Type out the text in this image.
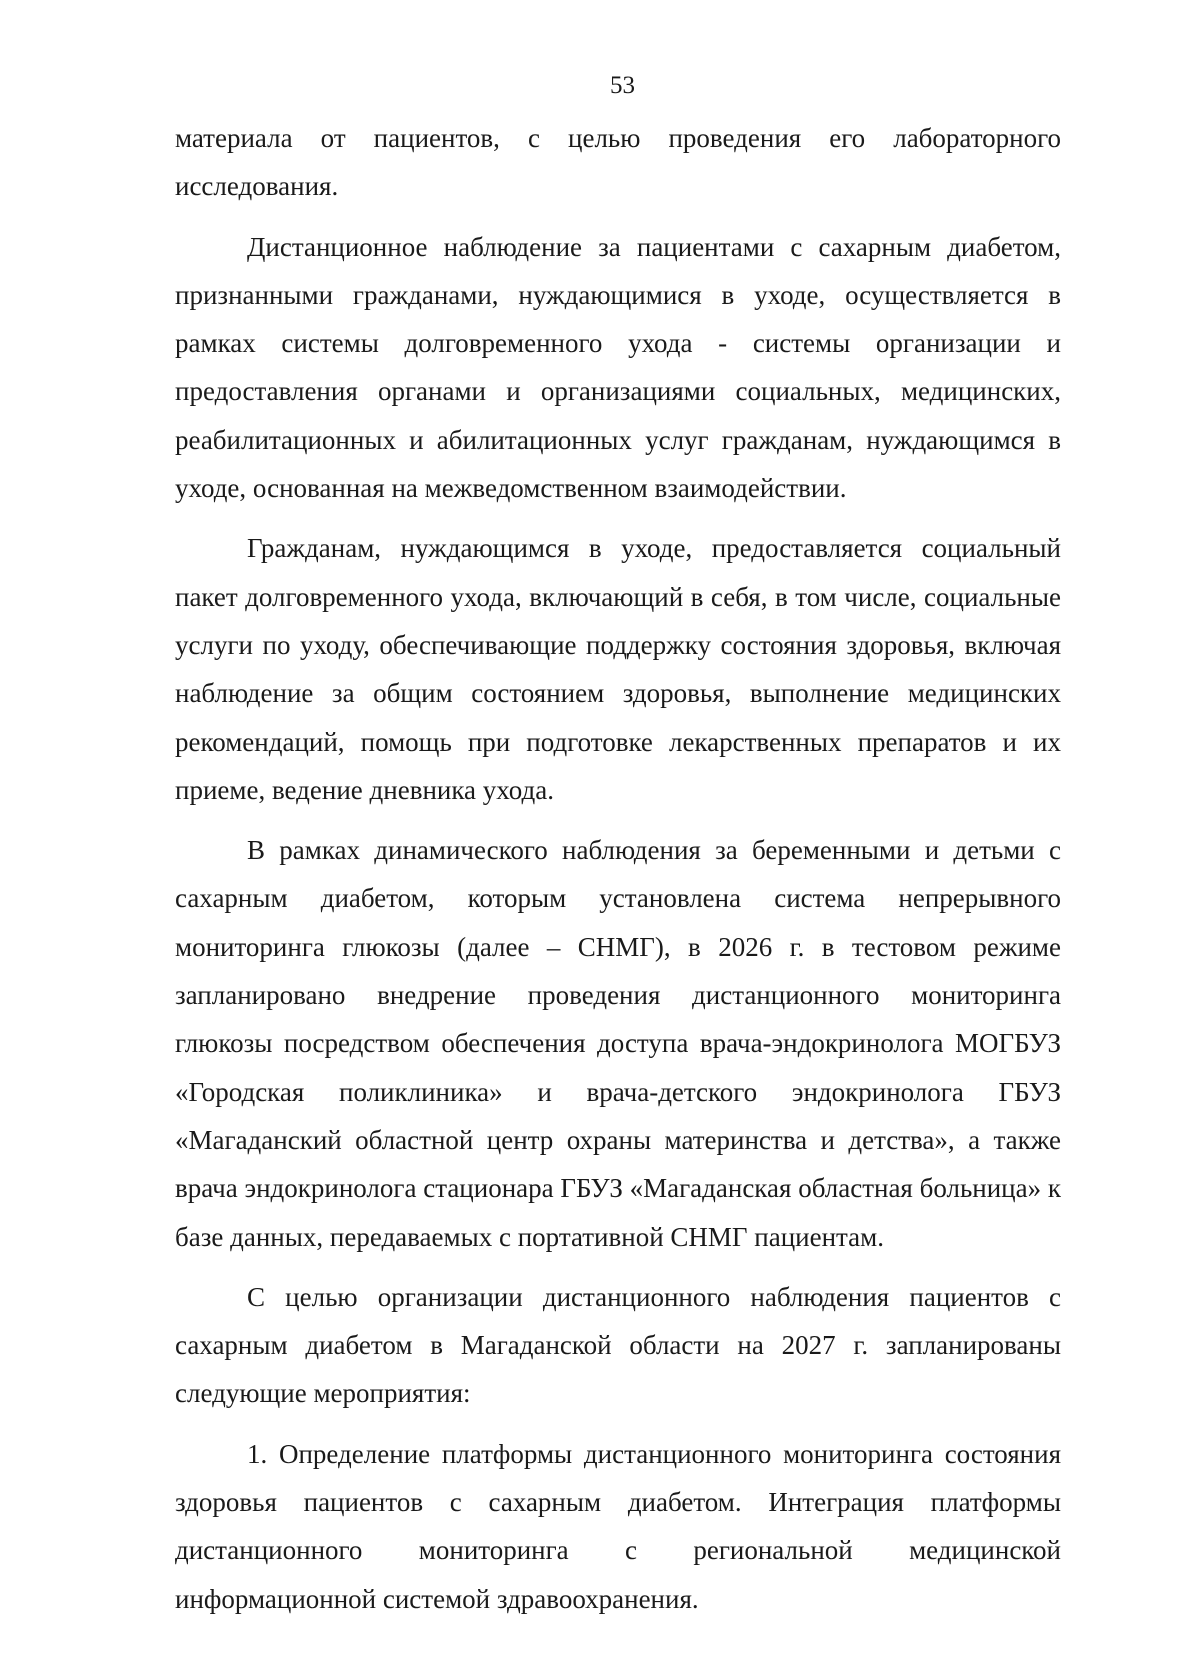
53

материала от пациентов, с целью проведения его лабораторного исследования.

Дистанционное наблюдение за пациентами с сахарным диабетом, признанными гражданами, нуждающимися в уходе, осуществляется в рамках системы долговременного ухода - системы организации и предоставления органами и организациями социальных, медицинских, реабилитационных и абилитационных услуг гражданам, нуждающимся в уходе, основанная на межведомственном взаимодействии.

Гражданам, нуждающимся в уходе, предоставляется социальный пакет долговременного ухода, включающий в себя, в том числе, социальные услуги по уходу, обеспечивающие поддержку состояния здоровья, включая наблюдение за общим состоянием здоровья, выполнение медицинских рекомендаций, помощь при подготовке лекарственных препаратов и их приеме, ведение дневника ухода.

В рамках динамического наблюдения за беременными и детьми с сахарным диабетом, которым установлена система непрерывного мониторинга глюкозы (далее – СНМГ), в 2026 г. в тестовом режиме запланировано внедрение проведения дистанционного мониторинга глюкозы посредством обеспечения доступа врача-эндокринолога МОГБУЗ «Городская поликлиника» и врача-детского эндокринолога ГБУЗ «Магаданский областной центр охраны материнства и детства», а также врача эндокринолога стационара ГБУЗ «Магаданская областная больница» к базе данных, передаваемых с портативной СНМГ пациентам.

С целью организации дистанционного наблюдения пациентов с сахарным диабетом в Магаданской области на 2027 г. запланированы следующие мероприятия:

1. Определение платформы дистанционного мониторинга состояния здоровья пациентов с сахарным диабетом. Интеграция платформы дистанционного мониторинга с региональной медицинской информационной системой здравоохранения.
